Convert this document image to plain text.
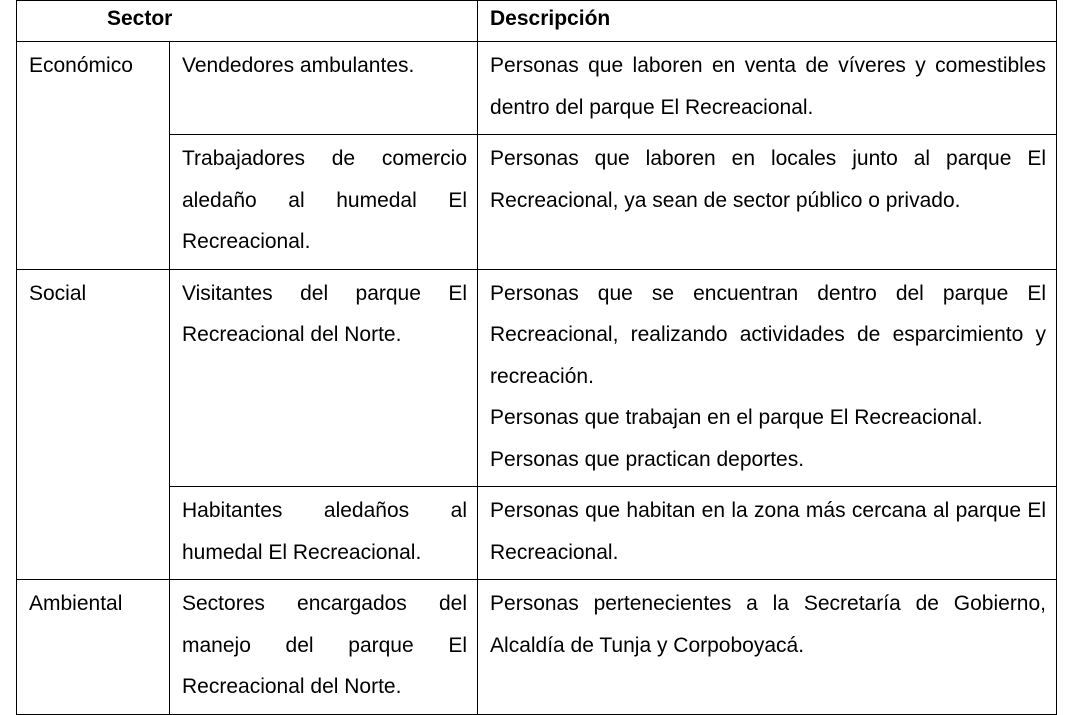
Sector		Descripción
Económico	Vendedores ambulantes.	Personas que laboren en venta de víveres y comestibles dentro del parque El Recreacional.
	Trabajadores de comercio aledaño al humedal El Recreacional.	Personas que laboren en locales junto al parque El Recreacional, ya sean de sector público o privado.
Social	Visitantes del parque El Recreacional del Norte.	Personas que se encuentran dentro del parque El Recreacional, realizando actividades de esparcimiento y recreación.
Personas que trabajan en el parque El Recreacional.
Personas que practican deportes.

	Habitantes aledaños al humedal El Recreacional.	Personas que habitan en la zona más cercana al parque El Recreacional.
Ambiental	Sectores encargados del manejo del parque El Recreacional del Norte.	Personas pertenecientes a la Secretaría de Gobierno, Alcaldía de Tunja y Corpoboyacá.
